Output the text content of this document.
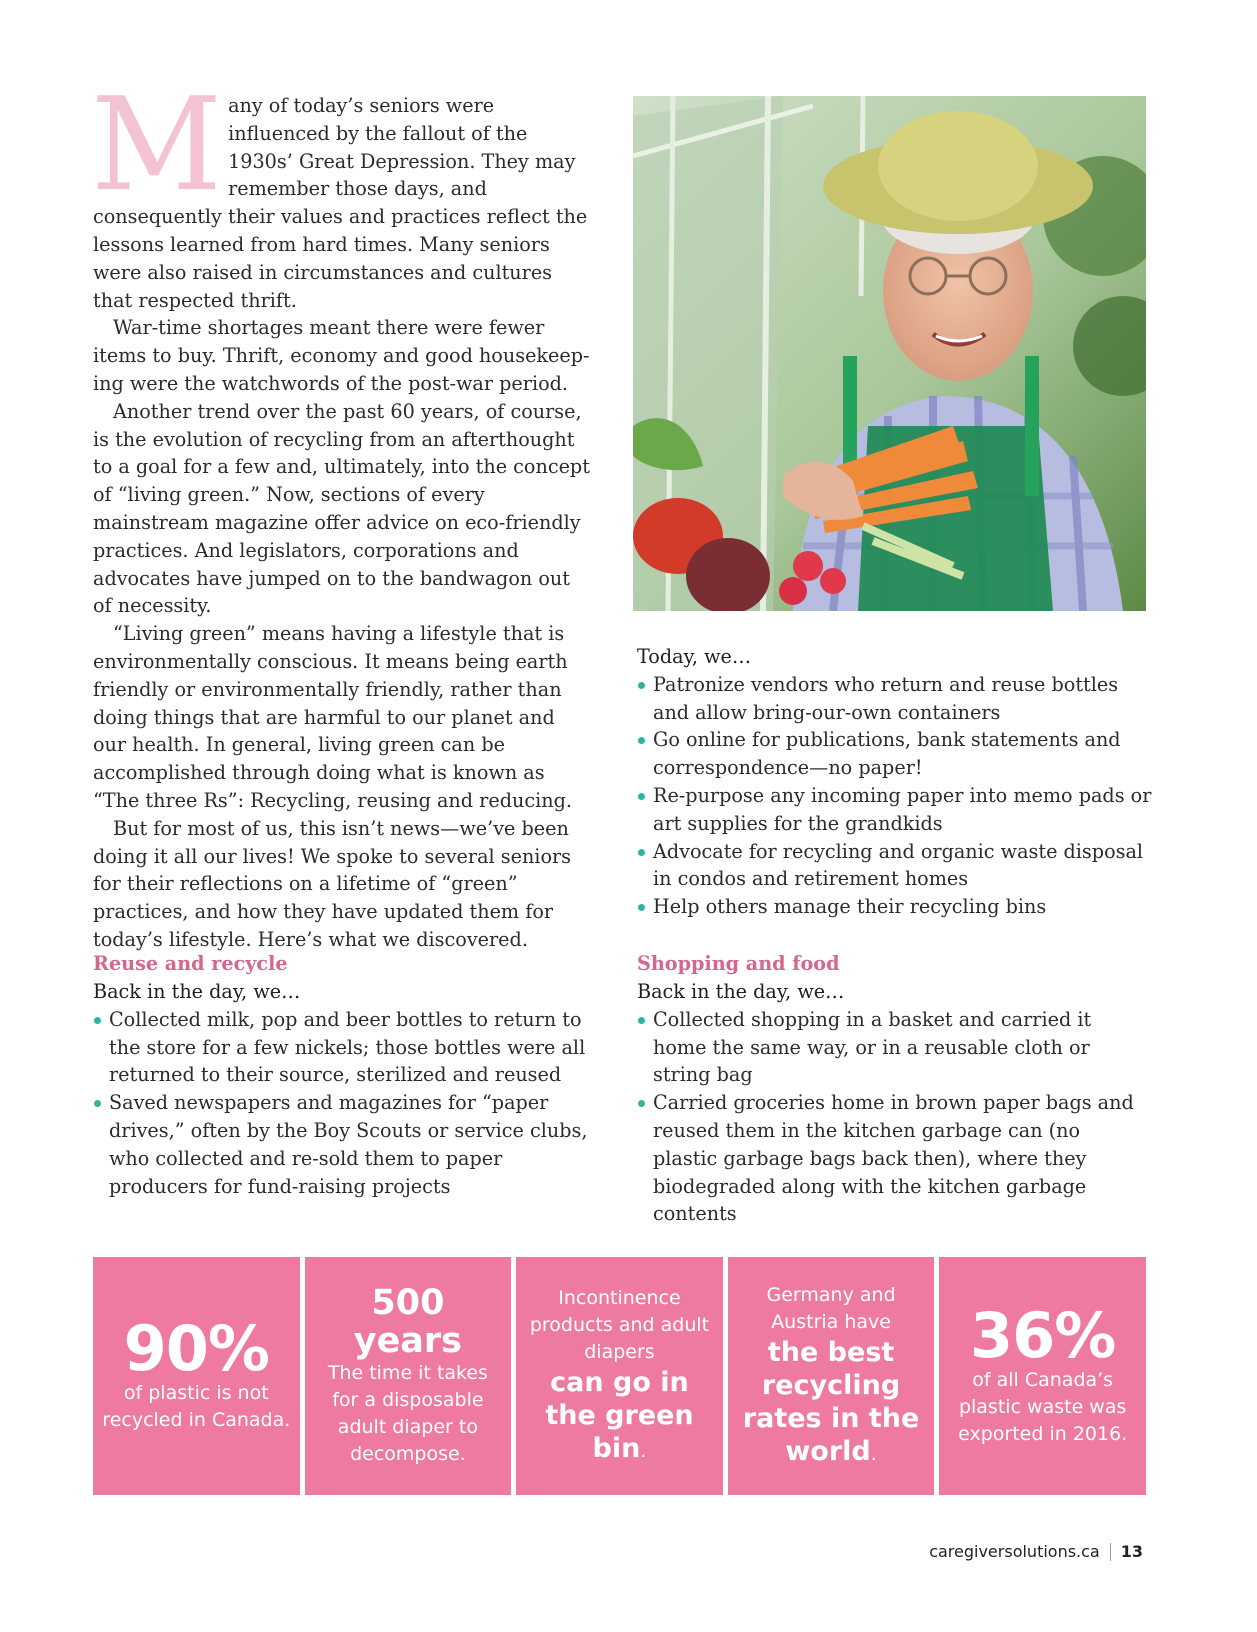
Many of today’s seniors were influenced by the fallout of the 1930s’ Great Depression. They may remember those days, and consequently their values and practices reflect the lessons learned from hard times. Many seniors were also raised in circumstances and cultures that respected thrift.

War-time shortages meant there were fewer items to buy. Thrift, economy and good housekeep-ing were the watchwords of the post-war period.

Another trend over the past 60 years, of course, is the evolution of recycling from an afterthought to a goal for a few and, ultimately, into the concept of “living green.” Now, sections of every mainstream magazine offer advice on eco-friendly practices. And legislators, corporations and advocates have jumped on to the bandwagon out of necessity.

“Living green” means having a lifestyle that is environmentally conscious. It means being earth friendly or environmentally friendly, rather than doing things that are harmful to our planet and our health. In general, living green can be accomplished through doing what is known as “The three Rs”: Recycling, reusing and reducing.

But for most of us, this isn’t news—we’ve been doing it all our lives! We spoke to several seniors for their reflections on a lifetime of “green” practices, and how they have updated them for today’s lifestyle. Here’s what we discovered.

Today, we…
Patronize vendors who return and reuse bottles and allow bring-our-own containers
Go online for publications, bank statements and correspondence—no paper!
Re-purpose any incoming paper into memo pads or art supplies for the grandkids
Advocate for recycling and organic waste disposal in condos and retirement homes
Help others manage their recycling bins
Reuse and recycle
Back in the day, we…
Collected milk, pop and beer bottles to return to the store for a few nickels; those bottles were all returned to their source, sterilized and reused
Saved newspapers and magazines for “paper drives,” often by the Boy Scouts or service clubs, who collected and re-sold them to paper producers for fund-raising projects
Shopping and food
Back in the day, we…
Collected shopping in a basket and carried it home the same way, or in a reusable cloth or string bag
Carried groceries home in brown paper bags and reused them in the kitchen garbage can (no plastic garbage bags back then), where they biodegraded along with the kitchen garbage contents
90%
of plastic is not recycled in Canada.
500 years
The time it takes for a disposable adult diaper to decompose.
Incontinence products and adult diapers
can go in the green bin.
Germany and Austria have
the best recycling rates in the world.
36%
of all Canada’s plastic waste was exported in 2016.
caregiversolutions.ca 13
